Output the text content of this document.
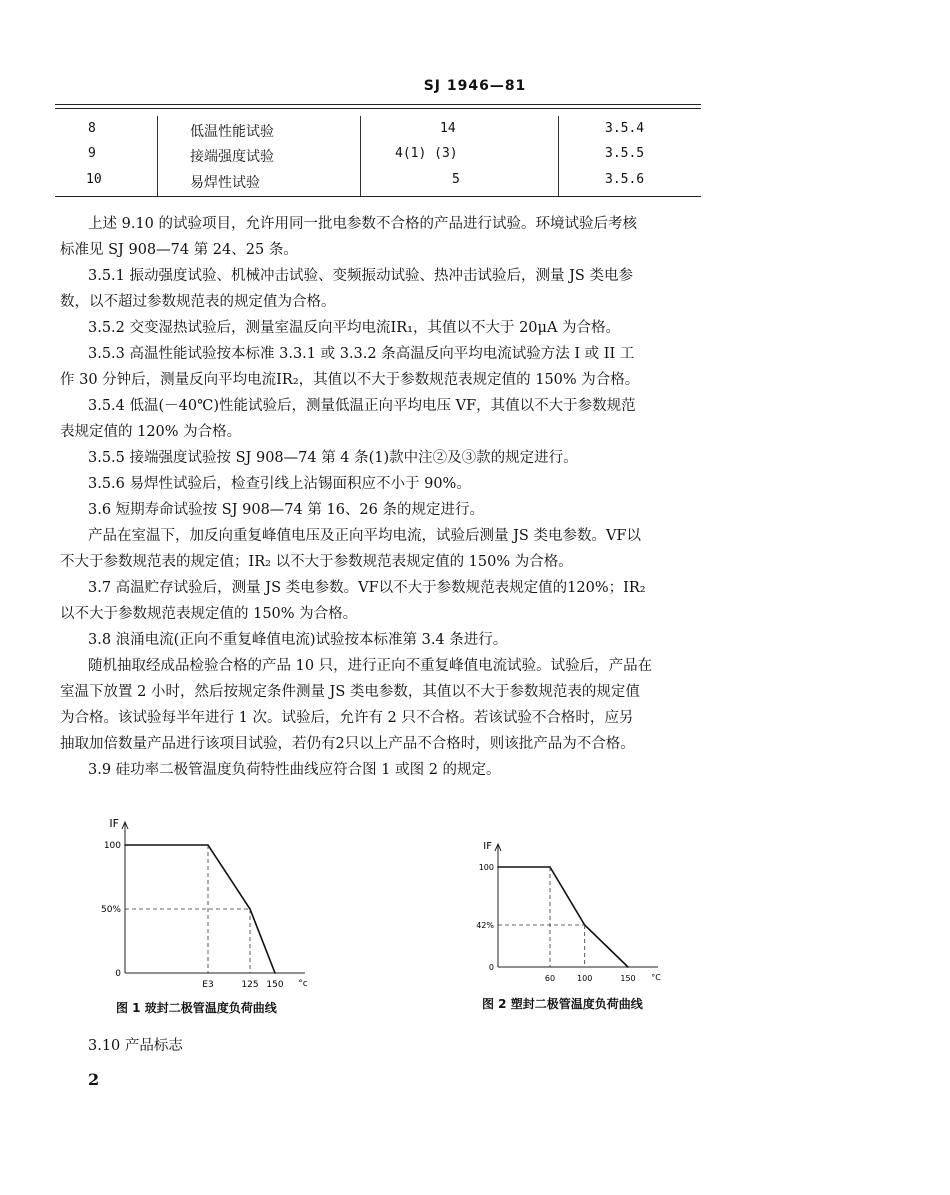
SJ 1946—81
8	低温性能试验	14	3.5.4
9	接端强度试验	4(1) (3)	3.5.5
10	易焊性试验	5	3.5.6
上述 9.10 的试验项目，允许用同一批电参数不合格的产品进行试验。环境试验后考核
标准见 SJ 908—74 第 24、25 条。
3.5.1 振动强度试验、机械冲击试验、变频振动试验、热冲击试验后，测量 JS 类电参
数，以不超过参数规范表的规定值为合格。
3.5.2 交变湿热试验后，测量室温反向平均电流IR₁，其值以不大于 20μA 为合格。
3.5.3 高温性能试验按本标准 3.3.1 或 3.3.2 条高温反向平均电流试验方法 I 或 II 工
作 30 分钟后，测量反向平均电流IR₂，其值以不大于参数规范表规定值的 150% 为合格。
3.5.4 低温(－40℃)性能试验后，测量低温正向平均电压 VF，其值以不大于参数规范
表规定值的 120% 为合格。
3.5.5 接端强度试验按 SJ 908—74 第 4 条(1)款中注②及③款的规定进行。
3.5.6 易焊性试验后，检查引线上沾锡面积应不小于 90%。
3.6 短期寿命试验按 SJ 908—74 第 16、26 条的规定进行。
产品在室温下，加反向重复峰值电压及正向平均电流，试验后测量 JS 类电参数。VF以
不大于参数规范表的规定值；IR₂ 以不大于参数规范表规定值的 150% 为合格。
3.7 高温贮存试验后，测量 JS 类电参数。VF以不大于参数规范表规定值的120%；IR₂
以不大于参数规范表规定值的 150% 为合格。
3.8 浪涌电流(正向不重复峰值电流)试验按本标准第 3.4 条进行。
随机抽取经成品检验合格的产品 10 只，进行正向不重复峰值电流试验。试验后，产品在
室温下放置 2 小时，然后按规定条件测量 JS 类电参数，其值以不大于参数规范表的规定值
为合格。该试验每半年进行 1 次。试验后，允许有 2 只不合格。若该试验不合格时，应另
抽取加倍数量产品进行该项目试验，若仍有2只以上产品不合格时，则该批产品为不合格。
3.9 硅功率二极管温度负荷特性曲线应符合图 1 或图 2 的规定。
IF
100
50%
0
E3	125 150 °c
图 1 玻封二极管温度负荷曲线
IF
100
42%
0
60	100	150 °C
图 2 塑封二极管温度负荷曲线
3.10 产品标志
2
